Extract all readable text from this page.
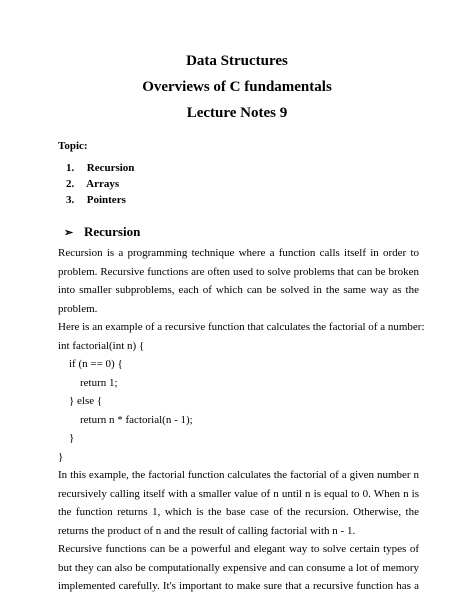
Data Structures
Overviews of C fundamentals
Lecture Notes 9
Topic:
1. Recursion
2. Arrays
3. Pointers
➢ Recursion
Recursion is a programming technique where a function calls itself in order to
problem. Recursive functions are often used to solve problems that can be broken
into smaller subproblems, each of which can be solved in the same way as the
problem.
Here is an example of a recursive function that calculates the factorial of a number:
int factorial(int n) {
if (n == 0) {
return 1;
} else {
return n * factorial(n - 1);
}
}
In this example, the factorial function calculates the factorial of a given number n
recursively calling itself with a smaller value of n until n is equal to 0. When n is
the function returns 1, which is the base case of the recursion. Otherwise, the
returns the product of n and the result of calling factorial with n - 1.
Recursive functions can be a powerful and elegant way to solve certain types of
but they can also be computationally expensive and can consume a lot of memory
implemented carefully. It's important to make sure that a recursive function has a
